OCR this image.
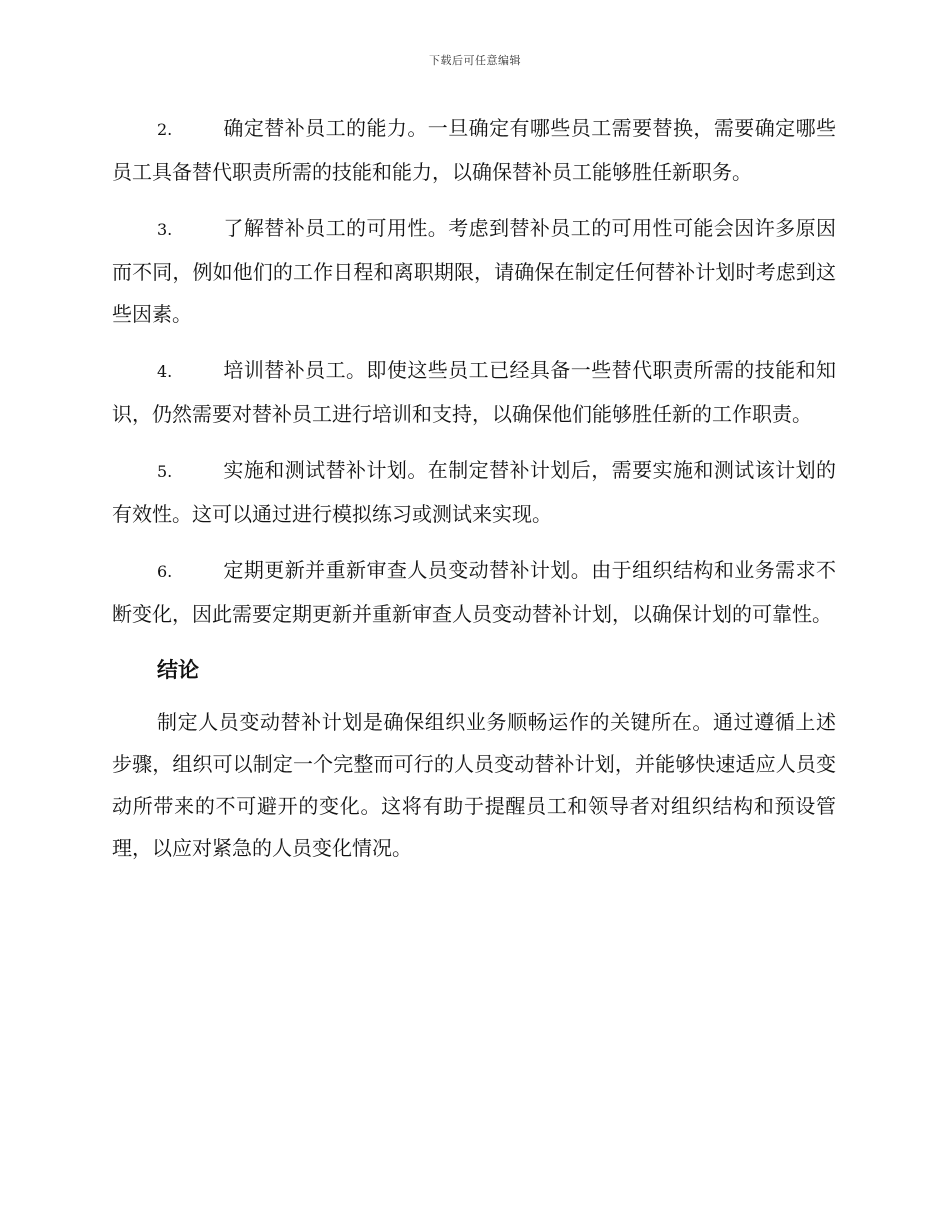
下载后可任意编辑

2.	确定替补员工的能力。一旦确定有哪些员工需要替换，需要确定哪些员工具备替代职责所需的技能和能力，以确保替补员工能够胜任新职务。

3.	了解替补员工的可用性。考虑到替补员工的可用性可能会因许多原因而不同，例如他们的工作日程和离职期限，请确保在制定任何替补计划时考虑到这些因素。

4.	培训替补员工。即使这些员工已经具备一些替代职责所需的技能和知识，仍然需要对替补员工进行培训和支持，以确保他们能够胜任新的工作职责。

5.	实施和测试替补计划。在制定替补计划后，需要实施和测试该计划的有效性。这可以通过进行模拟练习或测试来实现。

6.	定期更新并重新审查人员变动替补计划。由于组织结构和业务需求不断变化，因此需要定期更新并重新审查人员变动替补计划，以确保计划的可靠性。

结论

制定人员变动替补计划是确保组织业务顺畅运作的关键所在。通过遵循上述步骤，组织可以制定一个完整而可行的人员变动替补计划，并能够快速适应人员变动所带来的不可避开的变化。这将有助于提醒员工和领导者对组织结构和预设管理，以应对紧急的人员变化情况。
